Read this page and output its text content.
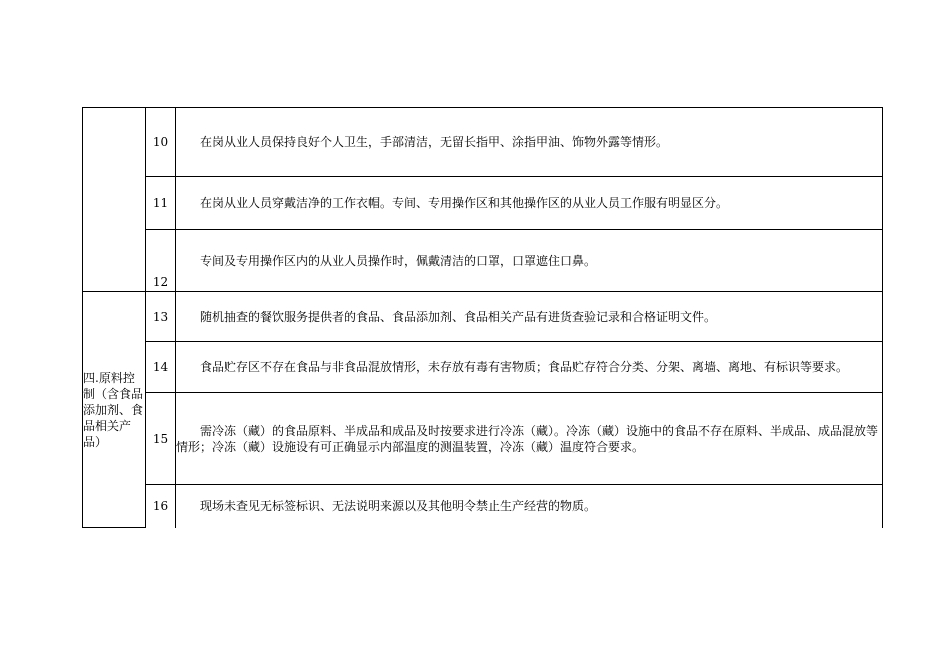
	10	在岗从业人员保持良好个人卫生，手部清洁，无留长指甲、涂指甲油、饰物外露等情形。
	11	在岗从业人员穿戴洁净的工作衣帽。专间、专用操作区和其他操作区的从业人员工作服有明显区分。
	12	专间及专用操作区内的从业人员操作时，佩戴清洁的口罩，口罩遮住口鼻。
四.原料控制（含食品添加剂、食品相关产品）	13	随机抽查的餐饮服务提供者的食品、食品添加剂、食品相关产品有进货查验记录和合格证明文件。
	14	食品贮存区不存在食品与非食品混放情形，未存放有毒有害物质；食品贮存符合分类、分架、离墙、离地、有标识等要求。
	15	需冷冻（藏）的食品原料、半成品和成品及时按要求进行冷冻（藏）。冷冻（藏）设施中的食品不存在原料、半成品、成品混放等情形；冷冻（藏）设施设有可正确显示内部温度的测温装置，冷冻（藏）温度符合要求。
	16	现场未查见无标签标识、无法说明来源以及其他明令禁止生产经营的物质。
